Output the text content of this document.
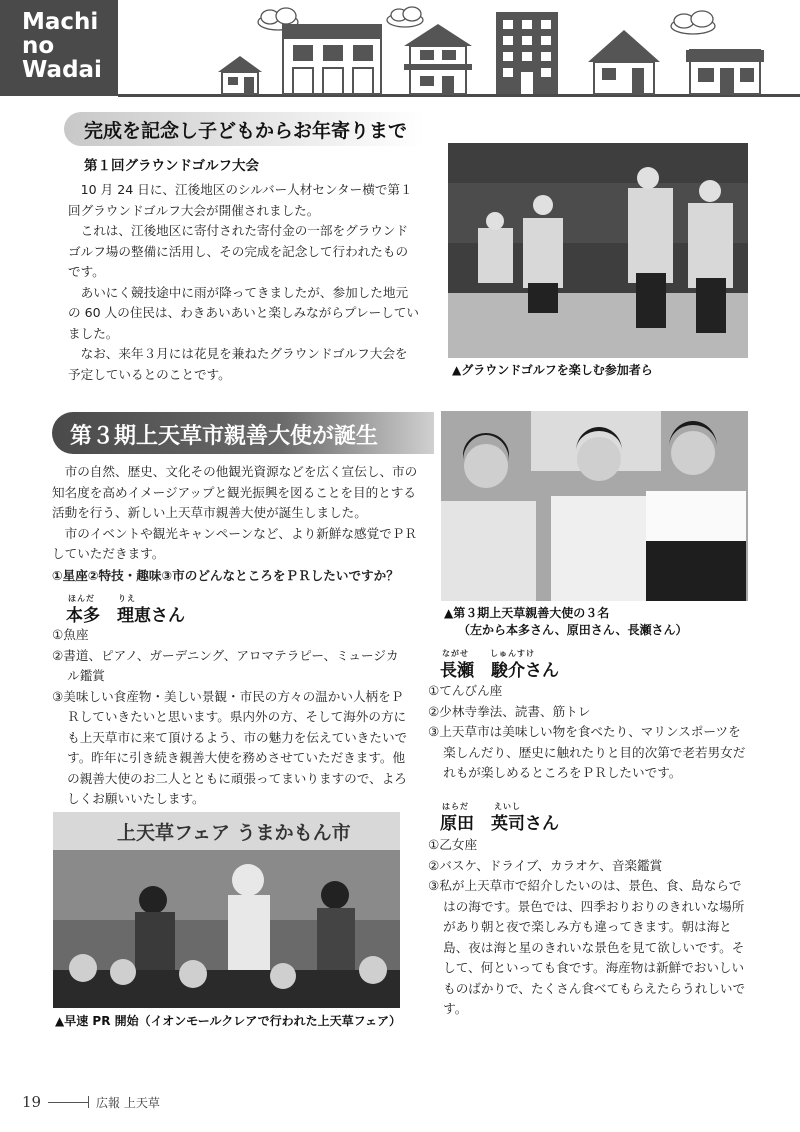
Machi
no
Wadai
完成を記念し子どもからお年寄りまで
第１回グラウンドゴルフ大会

10 月 24 日に、江後地区のシルバー人材センター横で第１回グラウンドゴルフ大会が開催されました。

これは、江後地区に寄付された寄付金の一部をグラウンドゴルフ場の整備に活用し、その完成を記念して行われたものです。

あいにく競技途中に雨が降ってきましたが、参加した地元の 60 人の住民は、わきあいあいと楽しみながらプレーしていました。

なお、来年３月には花見を兼ねたグラウンドゴルフ大会を予定しているとのことです。	▲グラウンドゴルフを楽しむ参加者ら
第３期上天草市親善大使が誕生

市の自然、歴史、文化その他観光資源などを広く宣伝し、市の知名度を高めイメージアップと観光振興を図ることを目的とする活動を行う、新しい上天草市親善大使が誕生しました。

市のイベントや観光キャンペーンなど、より新鮮な感覚でＰＲしていただきます。

①星座②特技・趣味③市のどんなところをＰＲしたいですか？
▲第３期上天草親善大使の３名
（左から本多さん、原田さん、長瀬さん）
ほんだ	りえ
本多　理恵さん

①魚座

②書道、ピアノ、ガーデニング、アロマテラピー、ミュージカル鑑賞

③美味しい食産物・美しい景観・市民の方々の温かい人柄をＰＲしていきたいと思います。県内外の方、そして海外の方にも上天草市に来て頂けるよう、市の魅力を伝えていきたいです。昨年に引き続き親善大使を務めさせていただきます。他の親善大使のお二人とともに頑張ってまいりますので、よろしくお願いいたします。

上天草フェア うまかもん市
▲早速 PR 開始（イオンモールクレアで行われた上天草フェア）
ながせ	しゅんすけ
長瀬　駿介さん

①てんびん座

②少林寺拳法、読書、筋トレ

③上天草市は美味しい物を食べたり、マリンスポーツを楽しんだり、歴史に触れたりと目的次第で老若男女だれもが楽しめるところをＰＲしたいです。

はらだ	えいし
原田　英司さん

①乙女座

②バスケ、ドライブ、カラオケ、音楽鑑賞

③私が上天草市で紹介したいのは、景色、食、島ならではの海です。景色では、四季おりおりのきれいな場所があり朝と夜で楽しみ方も違ってきます。朝は海と島、夜は海と星のきれいな景色を見て欲しいです。そして、何といっても食です。海産物は新鮮でおいしいものばかりで、たくさん食べてもらえたらうれしいです。

19	広報 上天草
